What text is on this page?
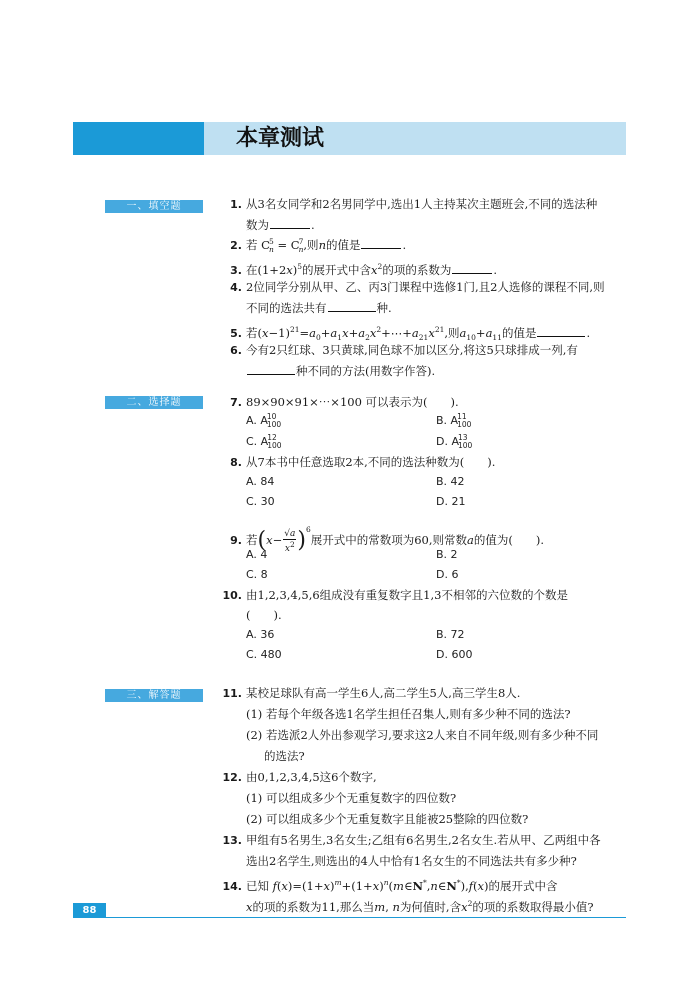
本章测试
一、填空题
二、选择题
三、解答题
1. 从3名女同学和2名男同学中,选出1人主持某次主题班会,不同的选法种
数为	.
2. 若 C 5
n = C 7
n ,则n的值是	.
3. 在$(1+2x)^5$的展开式中含$x^2$的项的系数为	.
4. 2位同学分别从甲、乙、丙3门课程中选修1门,且2人选修的课程不同,则
不同的选法共有	种.
5. 若$(x-1)^{21}=a_0+a_1x+a_2x^2+\cdots+a_{21}x^{21}$,则$a_{10}+a_{11}$的值是	.
6. 今有2只红球、3只黄球,同色球不加以区分,将这5只球排成一列,有
种不同的方法(用数字作答).
7. 89×90×91×⋯×100 可以表示为(　　).
A. A 10
100	B. A 11
100
C. A 12
100	D. A 13
100
8. 从7本书中任意选取2本,不同的选法种数为(　　).
A. 84	B. 42
C. 30	D. 21
9. 若$(x- \frac{√a}{x^2} )^6$展开式中的常数项为60,则常数a的值为(　　).
A. 4	B. 2
C. 8	D. 6
10. 由1,2,3,4,5,6组成没有重复数字且1,3不相邻的六位数的个数是
(　　).
A. 36	B. 72
C. 480	D. 600
11. 某校足球队有高一学生6人,高二学生5人,高三学生8人.
(1) 若每个年级各选1名学生担任召集人,则有多少种不同的选法?
(2) 若选派2人外出参观学习,要求这2人来自不同年级,则有多少种不同
的选法?
12. 由0,1,2,3,4,5这6个数字,
(1) 可以组成多少个无重复数字的四位数?
(2) 可以组成多少个无重复数字且能被25整除的四位数?
13. 甲组有5名男生,3名女生;乙组有6名男生,2名女生.若从甲、乙两组中各
选出2名学生,则选出的4人中恰有1名女生的不同选法共有多少种?
14. 已知 $f(x)=(1+x)^m+(1+x)^n(m\in N^*,n\in N^*),f(x)$的展开式中含
x的项的系数为11,那么当m, n为何值时,含$x^2$的项的系数取得最小值?
88
